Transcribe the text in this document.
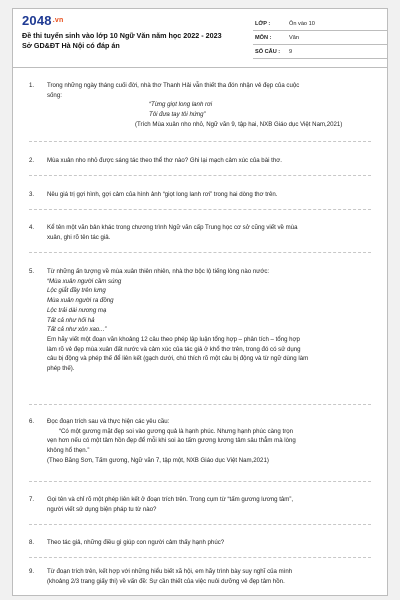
$2048^{.vn}$
Đề thi tuyển sinh vào lớp 10 Ngữ Văn năm học 2022 - 2023
Sở GD&ĐT Hà Nội có đáp án
LỚP :	Ôn vào 10
MÔN :	Văn
SỐ CÂU :	9
1.	Trong những ngày tháng cuối đời, nhà thơ Thanh Hải vẫn thiết tha đón nhận vẻ đẹp của cuộc
sống:
“Từng giọt long lanh rơi
Tôi đưa tay tôi hứng”
(Trích Mùa xuân nho nhỏ, Ngữ văn 9, tập hai, NXB Giáo dục Việt Nam,2021)
2.	Mùa xuân nho nhỏ được sáng tác theo thể thơ nào? Ghi lại mạch cảm xúc của bài thơ.
3.	Nêu giá trị gợi hình, gợi cảm của hình ảnh “giọt long lanh rơi” trong hai dòng thơ trên.
4.	Kể tên một văn bản khác trong chương trình Ngữ văn cấp Trung học cơ sở cũng viết về mùa
xuân, ghi rõ tên tác giả.
5.	Từ những ấn tượng về mùa xuân thiên nhiên, nhà thơ bộc lộ tiếng lòng nào nước:
“Mùa xuân người cầm súng
Lộc giắt đầy trên lưng
Mùa xuân người ra đồng
Lộc trải dài nương mạ
Tất cả như hối hả
Tất cả như xôn xao...”
Em hãy viết một đoạn văn khoảng 12 câu theo phép lập luận tổng hợp – phân tích – tổng hợp
làm rõ vẻ đẹp mùa xuân đất nước và cảm xúc của tác giả ở khổ thơ trên, trong đó có sử dụng
câu bị động và phép thế để liên kết (gạch dưới, chú thích rõ một câu bị động và từ ngữ dùng làm
phép thế).
6.	Đọc đoạn trích sau và thực hiện các yêu cầu:
“Có một gương mặt đẹp soi vào gương quả là hạnh phúc. Nhưng hạnh phúc càng trọn
vẹn hơn nếu có một tâm hồn đẹp để mỗi khi soi ào tấm gương lương tâm sâu thẳm mà lòng
không hổ thẹn.”
(Theo Băng Sơn, Tấm gương, Ngữ văn 7, tập một, NXB Giáo dục Việt Nam,2021)
7.	Gọi tên và chỉ rõ một phép liên kết ở đoạn trích trên. Trong cụm từ “tấm gương lương tâm”,
người viết sử dụng biện pháp tu từ nào?
8.	Theo tác giả, những điều gì giúp con người cảm thấy hạnh phúc?
9.	Từ đoạn trích trên, kết hợp với những hiểu biết xã hội, em hãy trình bày suy nghĩ của mình
(khoảng 2/3 trang giấy thi) về vấn đề: Sự cần thiết của việc nuôi dưỡng vẻ đẹp tâm hồn.
